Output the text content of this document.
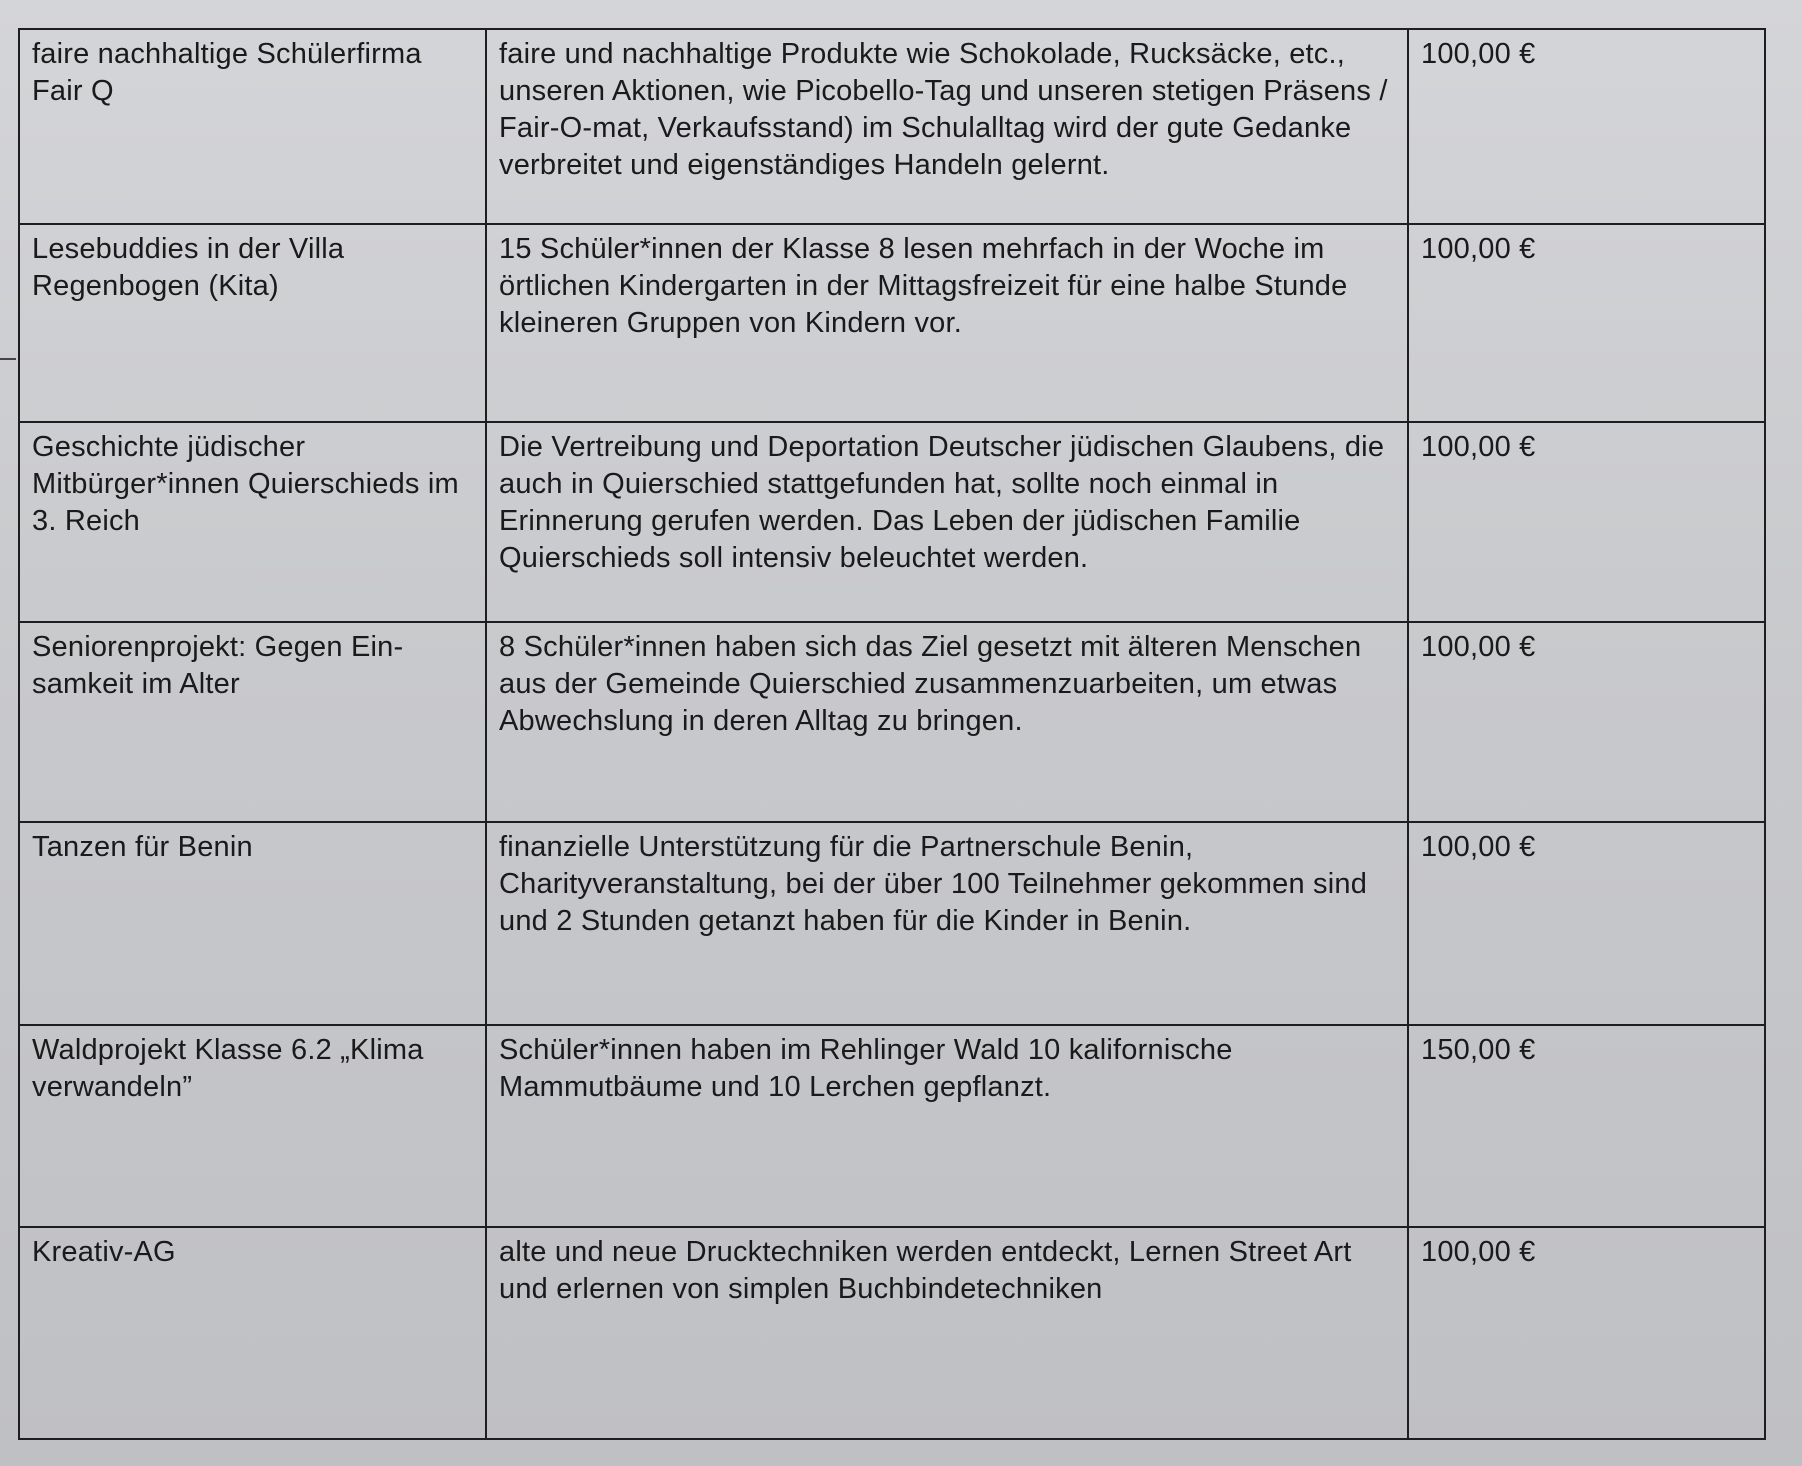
faire nachhaltige Schülerfirma Fair Q	faire und nachhaltige Produkte wie Schokolade, Rucksäcke, etc., unseren Aktionen, wie Picobello-Tag und unseren stetigen Präsens / Fair-O-mat, Verkaufsstand) im Schulalltag wird der gute Gedanke verbreitet und eigenständiges Handeln gelernt.	100,00 €
Lesebuddies in der Villa Regenbogen (Kita)	15 Schüler*innen der Klasse 8 lesen mehrfach in der Woche im örtlichen Kindergarten in der Mittagsfreizeit für eine halbe Stunde kleineren Gruppen von Kindern vor.	100,00 €
Geschichte jüdischer Mitbürger*innen Quierschieds im 3. Reich	Die Vertreibung und Deportation Deutscher jüdischen Glaubens, die auch in Quierschied stattgefunden hat, sollte noch einmal in Erinnerung gerufen werden. Das Leben der jüdischen Familie Quierschieds soll intensiv beleuchtet werden.	100,00 €
Seniorenprojekt: Gegen Ein-samkeit im Alter	8 Schüler*innen haben sich das Ziel gesetzt mit älteren Menschen aus der Gemeinde Quierschied zusammenzuarbeiten, um etwas Abwechslung in deren Alltag zu bringen.	100,00 €
Tanzen für Benin	finanzielle Unterstützung für die Partnerschule Benin, Charityveranstaltung, bei der über 100 Teilnehmer gekommen sind und 2 Stunden getanzt haben für die Kinder in Benin.	100,00 €
Waldprojekt Klasse 6.2 „Klima verwandeln”	Schüler*innen haben im Rehlinger Wald 10 kalifornische Mammutbäume und 10 Lerchen gepflanzt.	150,00 €
Kreativ-AG	alte und neue Drucktechniken werden entdeckt, Lernen Street Art und erlernen von simplen Buchbindetechniken	100,00 €
